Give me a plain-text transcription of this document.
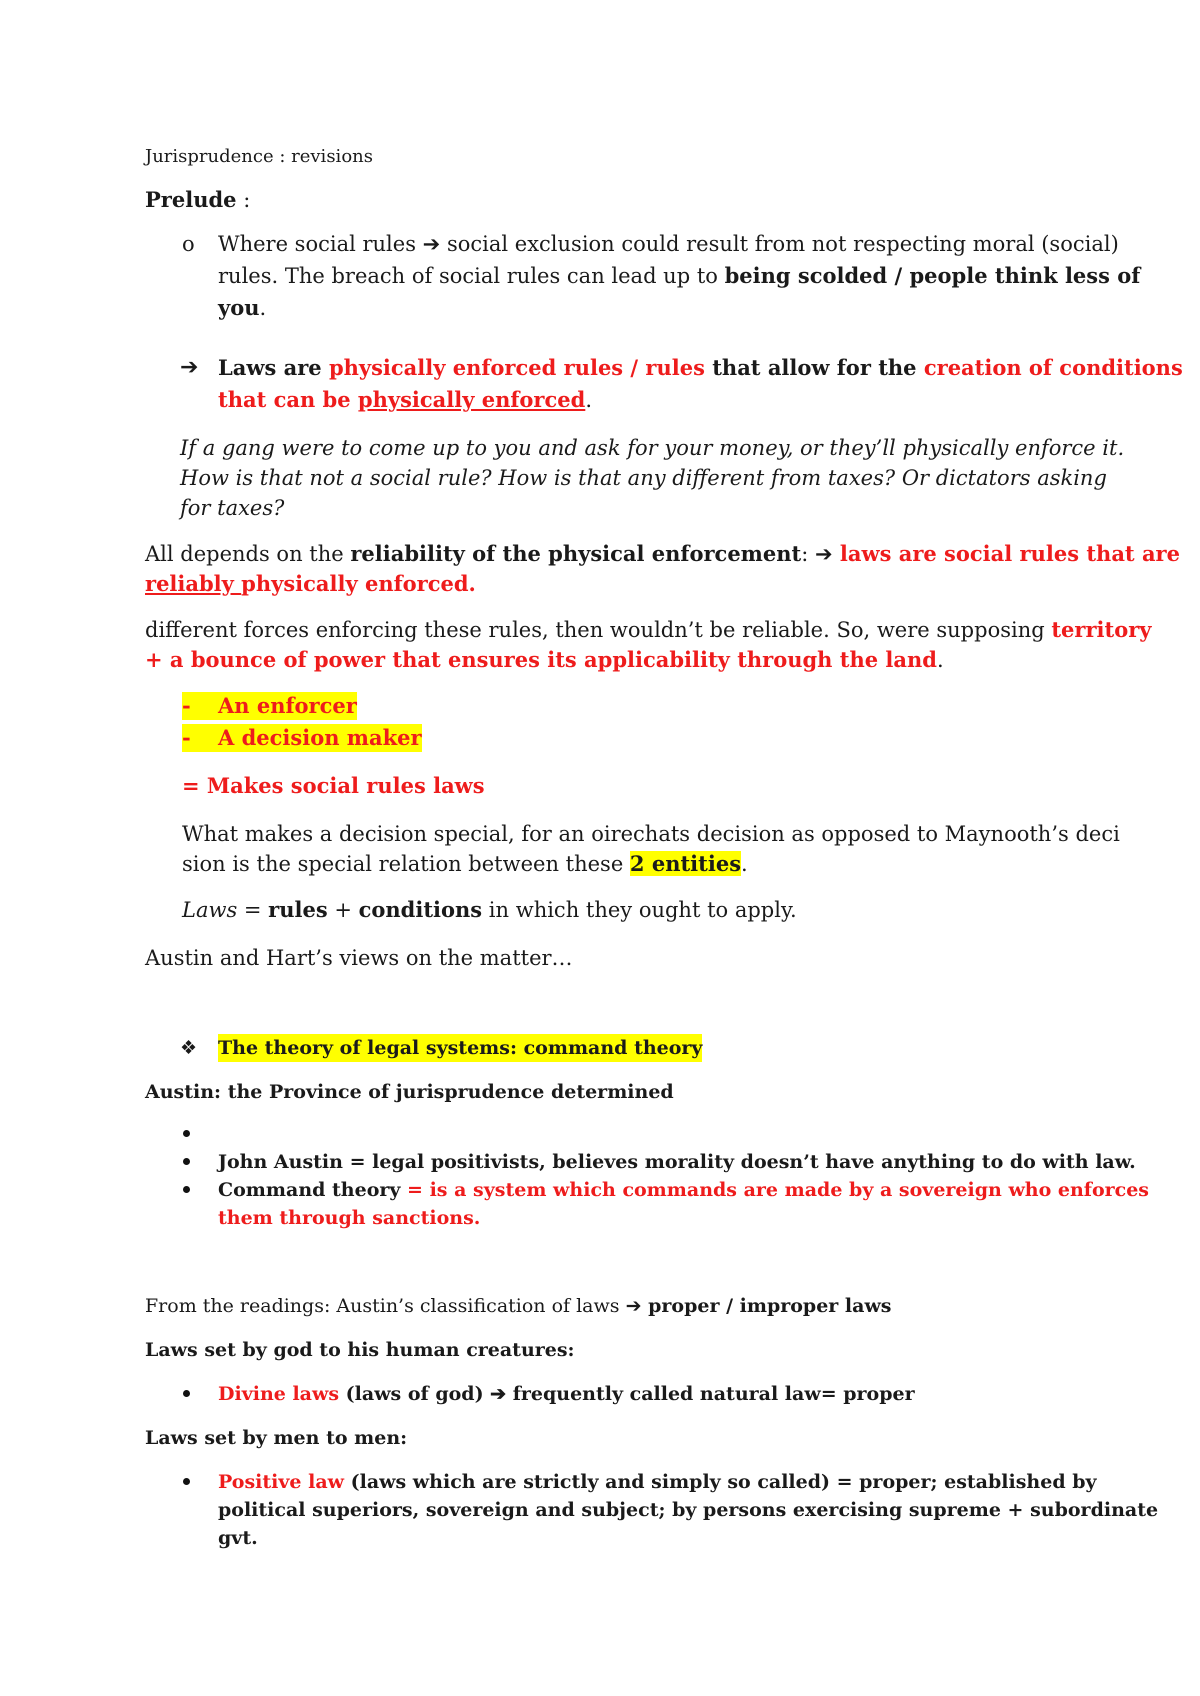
Jurisprudence : revisions
Prelude :
o Where social rules ➔ social exclusion could result from not respecting moral (social)
rules. The breach of social rules can lead up to being scolded / people think less of
you.
➔ Laws are physically enforced rules / rules that allow for the creation of conditions
that can be physically enforced.
If a gang were to come up to you and ask for your money, or they’ll physically enforce it.
How is that not a social rule? How is that any different from taxes? Or dictators asking
for taxes?
All depends on the reliability of the physical enforcement: ➔ laws are social rules that are
reliably physically enforced.
different forces enforcing these rules, then wouldn’t be reliable. So, were supposing territory
+ a bounce of power that ensures its applicability through the land.
-	An enforcer
-	A decision maker
= Makes social rules laws
What makes a decision special, for an oirechats decision as opposed to Maynooth’s deci
sion is the special relation between these 2 entities.
Laws = rules + conditions in which they ought to apply.
Austin and Hart’s views on the matter…
❖ The theory of legal systems: command theory
Austin: the Province of jurisprudence determined
John Austin = legal positivists, believes morality doesn’t have anything to do with law.
Command theory = is a system which commands are made by a sovereign who enforces
them through sanctions.
From the readings: Austin’s classification of laws ➔ proper / improper laws
Laws set by god to his human creatures:
Divine laws (laws of god) ➔ frequently called natural law= proper
Laws set by men to men:
Positive law (laws which are strictly and simply so called) = proper; established by
political superiors, sovereign and subject; by persons exercising supreme + subordinate
gvt.
